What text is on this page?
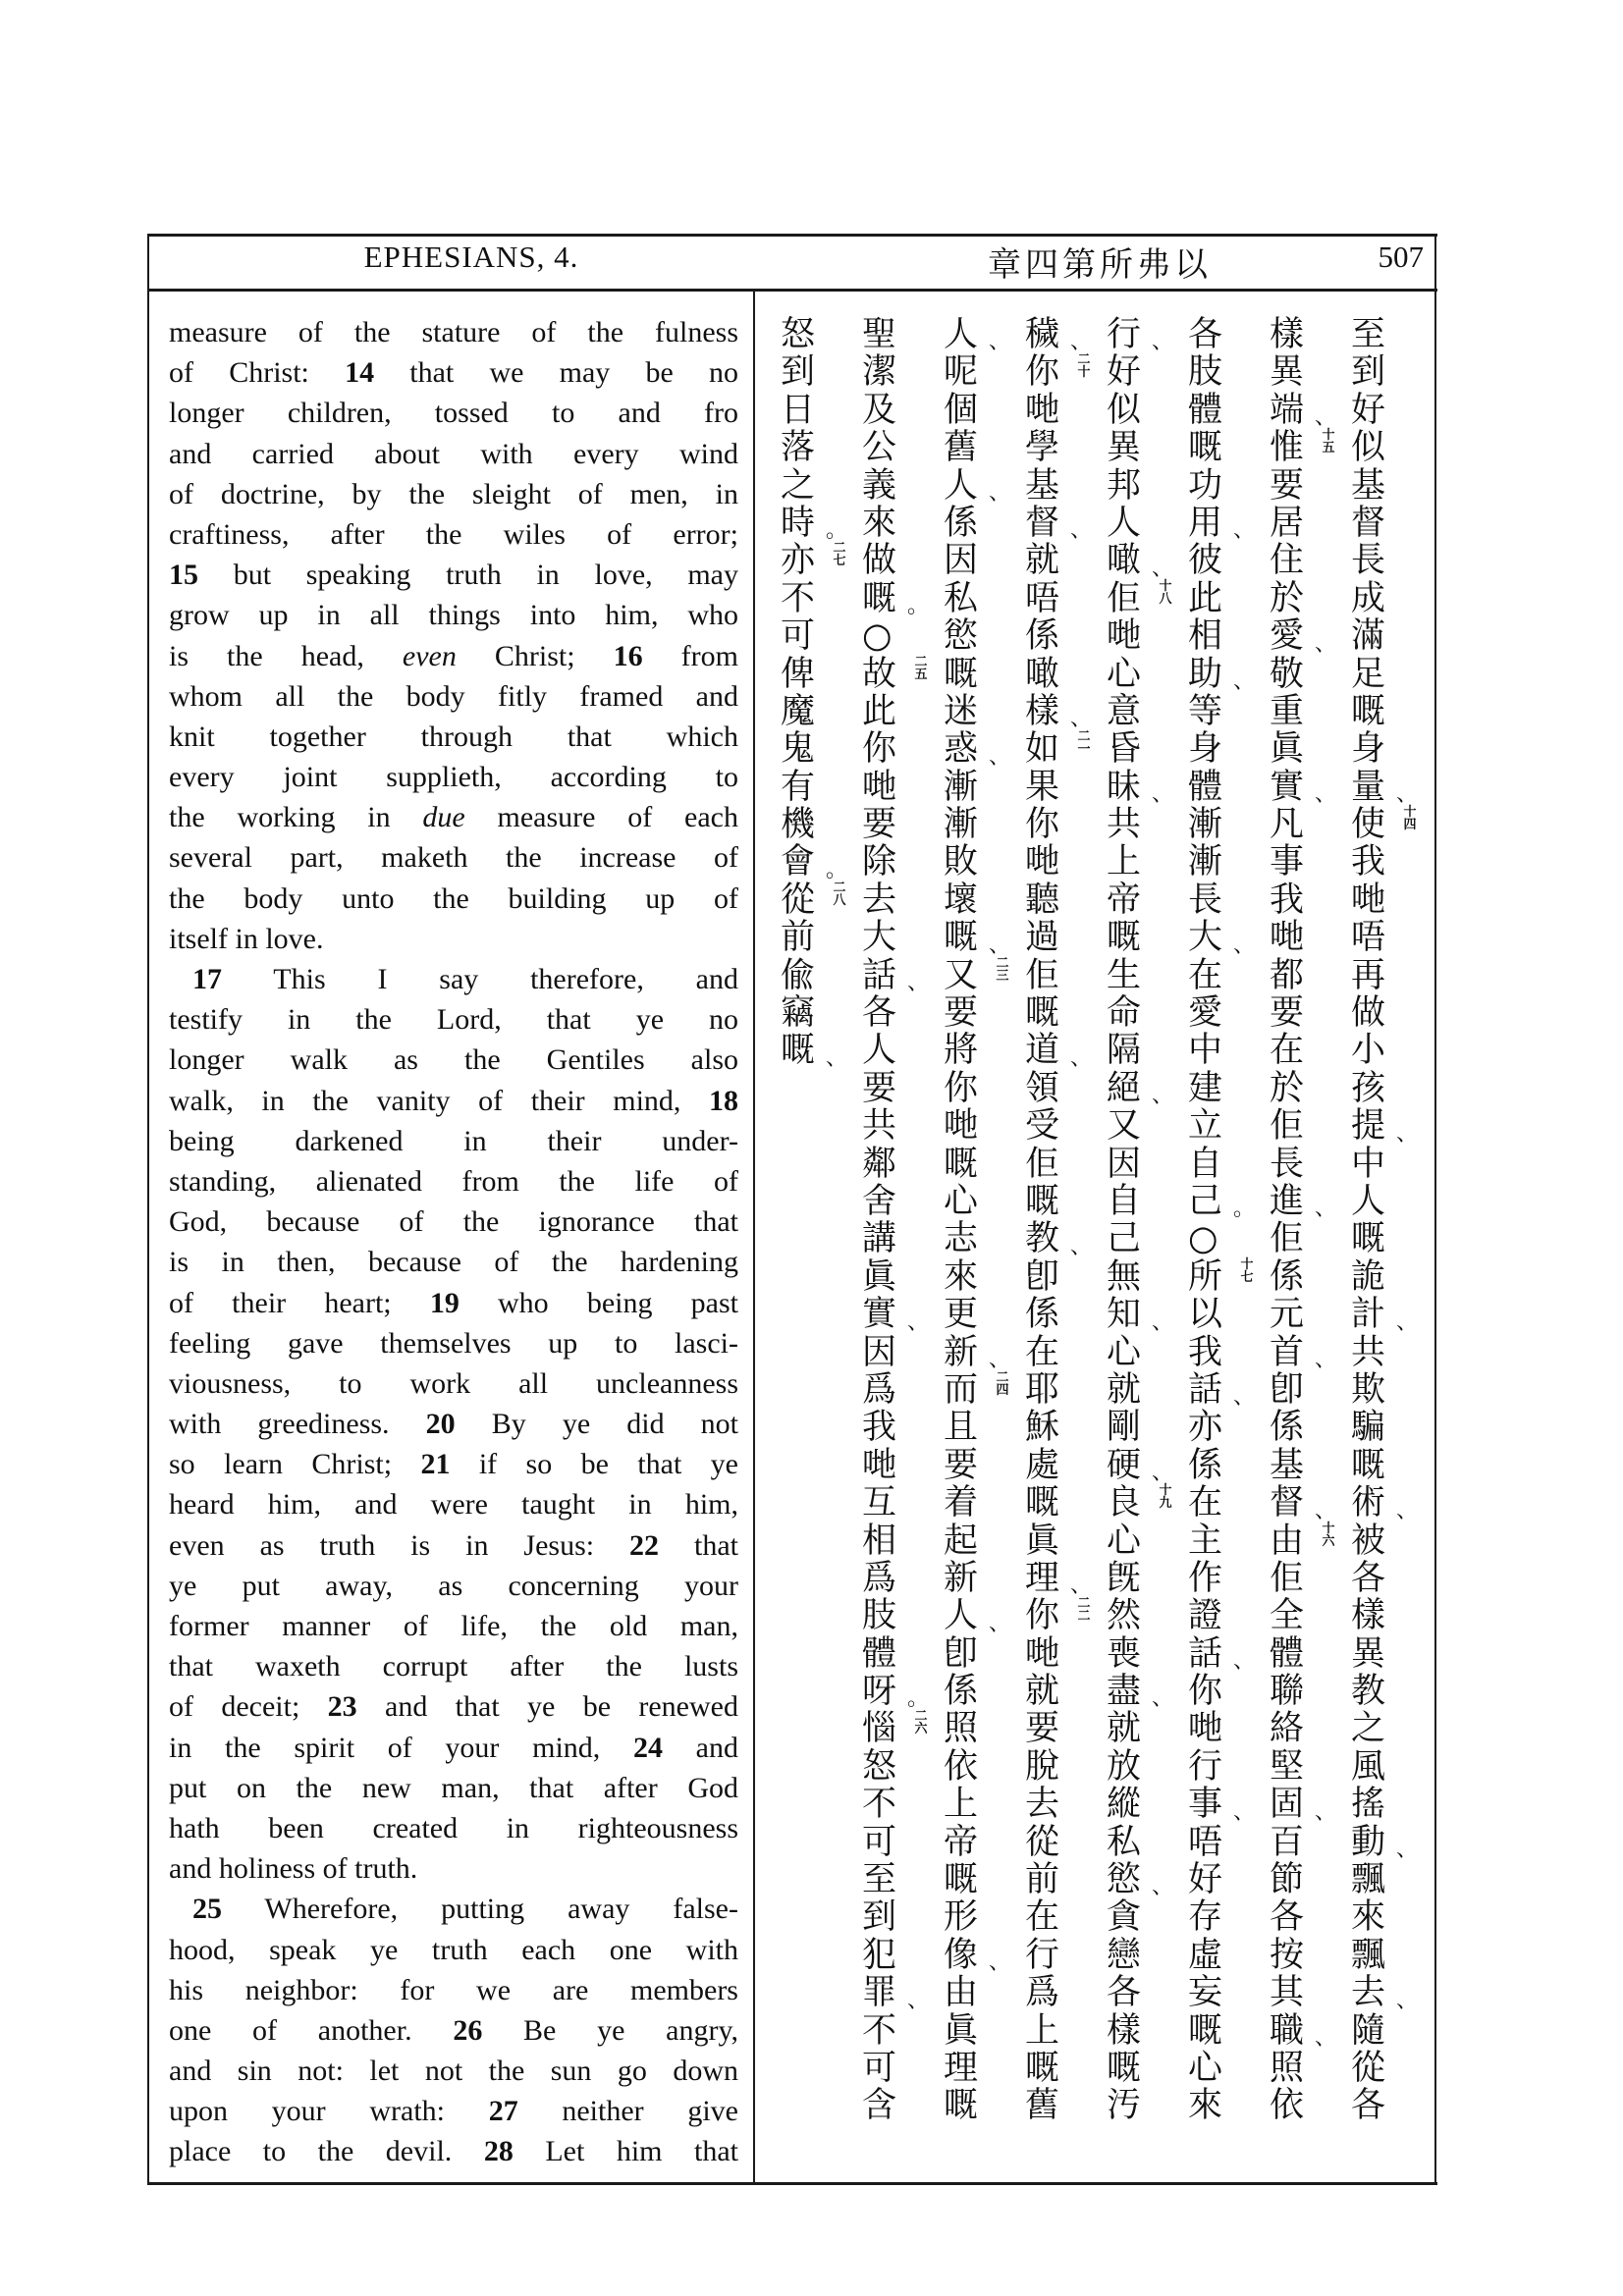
EPHESIANS, 4.	章四第所弗以	507
measure of the stature of the fulness
of Christ: 14 that we may be no
longer children, tossed to and fro
and carried about with every wind
of doctrine, by the sleight of men, in
craftiness, after the wiles of error;
15 but speaking truth in love, may
grow up in all things into him, who
is the head, even Christ; 16 from
whom all the body fitly framed and
knit together through that which
every joint supplieth, according to
the working in due measure of each
several part, maketh the increase of
the body unto the building up of
itself in love.
17 This I say therefore, and
testify in the Lord, that ye no
longer walk as the Gentiles also
walk, in the vanity of their mind, 18
being darkened in their under-
standing, alienated from the life of
God, because of the ignorance that
is in then, because of the hardening
of their heart; 19 who being past
feeling gave themselves up to lasci-
viousness, to work all uncleanness
with greediness. 20 By ye did not
so learn Christ; 21 if so be that ye
heard him, and were taught in him,
even as truth is in Jesus: 22 that
ye put away, as concerning your
former manner of life, the old man,
that waxeth corrupt after the lusts
of deceit; 23 and that ye be renewed
in the spirit of your mind, 24 and
put on the new man, that after God
hath been created in righteousness
and holiness of truth.
25 Wherefore, putting away false-
hood, speak ye truth each one with
his neighbor: for we are members
one of another. 26 Be ye angry,
and sin not: let not the sun go down
upon your wrath: 27 neither give
place to the devil. 28 Let him that
至
到
好
似
基
督
長
成
滿
足
嘅
身
量 、
使 十四
我
哋
唔
再
做
小
孩
提 、
中
人
嘅
詭
計 、
共
欺
騙
嘅
術 、
被
各
樣
異
教
之
風
搖
動 、
飄
來
飄
去 、
隨
從
各
樣
異
端 、
惟 十五
要
居
住
於
愛 、
敬
重
眞
實 、
凡
事
我
哋
都
要
在
於
佢
長
進 、
佢
係
元
首 、
卽
係
基
督 、
由 十六
佢
全
體
聯
絡
堅
固 、
百
節
各
按
其
職 、
照
依
各
肢
體
嘅
功
用 、
彼
此
相
助 、
等
身
體
漸
漸
長
大 、
在
愛
中
建
立
自
己 。
○
所 十七
以
我
話 、
亦
係
在
主
作
證
話 、
你
哋
行
事 、
唔
好
存
虛
妄
嘅
心
來
行 、
好
似
異
邦
人
噉 、
佢 十八
哋
心
意
昏
昧 、
共
上
帝
嘅
生
命
隔
絕 、
又
因
自
己
無
知 、
心
就
剛
硬 、
良 十九
心
旣
然
喪
盡 、
就
放
縱
私
慾 、
貪
戀
各
樣
嘅
汚
穢 、
你 二十
哋
學
基
督 、
就
唔
係
噉
樣 、
如 二一
果
你
哋
聽
過
佢
嘅
道 、
領
受
佢
嘅
教 、
卽
係
在
耶
穌
處
嘅
眞
理 、
你 二二
哋
就
要
脫
去
從
前
在
行
爲
上
嘅
舊
人 、
呢
個
舊
人 、
係
因
私
慾
嘅
迷
惑 、
漸
漸
敗
壞
嘅 、
又 二三
要
將
你
哋
嘅
心
志
來
更
新 、
而 二四
且
要
着
起
新
人 、
卽
係
照
依
上
帝
嘅
形
像 、
由
眞
理
嘅
聖
潔
及
公
義
來
做
嘅 。
○
故 二五
此
你
哋
要
除
去
大
話 、
各
人
要
共
鄰
舍
講
眞
實 、
因
爲
我
哋
互
相
爲
肢
體
呀 。
惱 二六
怒
不
可
至
到
犯
罪 、
不
可
含
怒
到
日
落
之
時 。
亦 二七
不
可
俾
魔
鬼
有
機
會 。
從 二八
前
偸
竊
嘅 、
